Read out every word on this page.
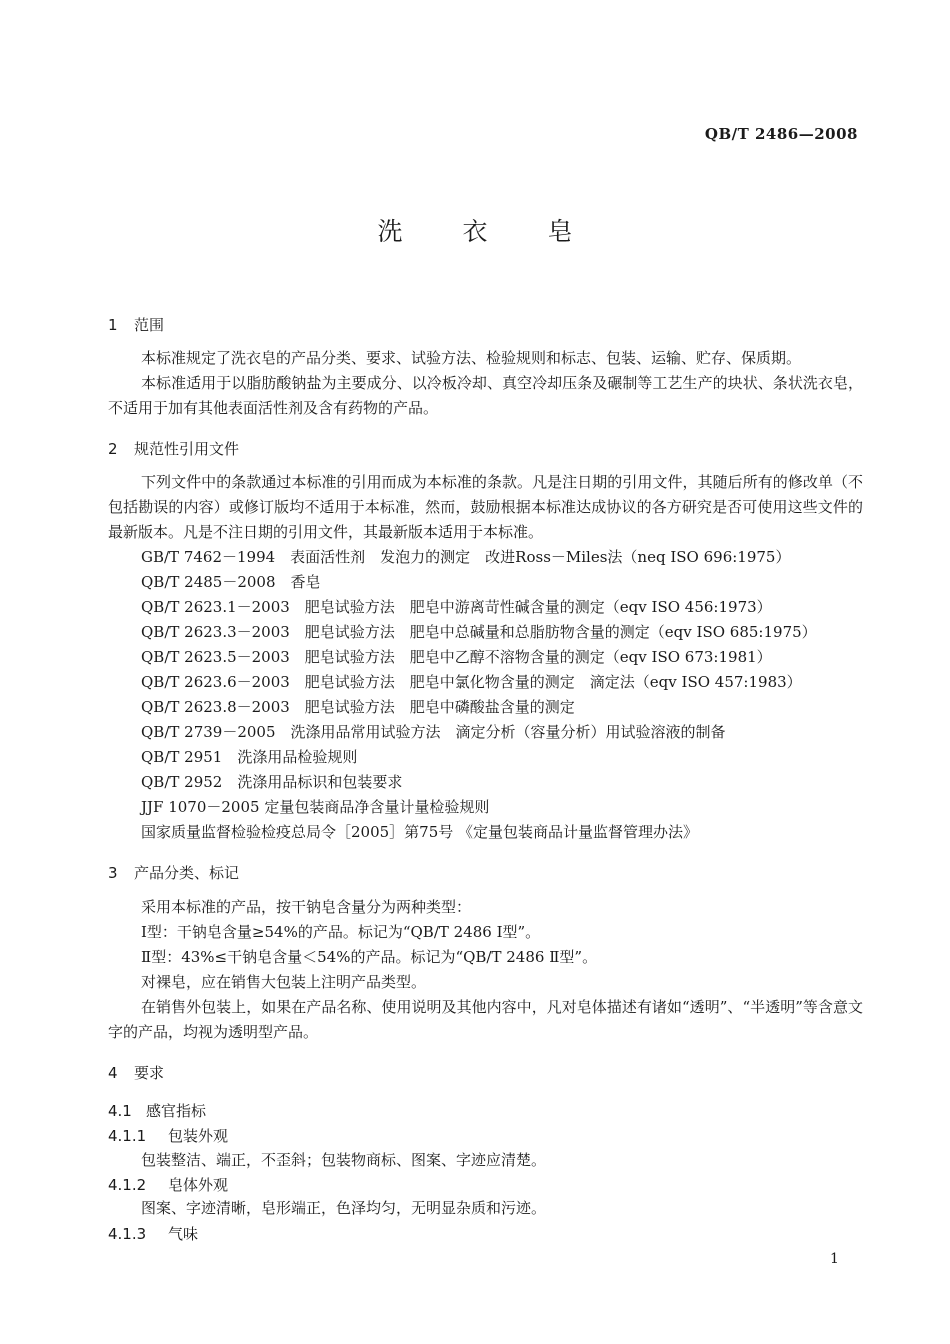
QB/T 2486—2008
洗 衣 皂
1 范围

本标准规定了洗衣皂的产品分类、要求、试验方法、检验规则和标志、包装、运输、贮存、保质期。

本标准适用于以脂肪酸钠盐为主要成分、以冷板冷却、真空冷却压条及碾制等工艺生产的块状、条状洗衣皂，不适用于加有其他表面活性剂及含有药物的产品。

2 规范性引用文件

下列文件中的条款通过本标准的引用而成为本标准的条款。凡是注日期的引用文件，其随后所有的修改单（不包括勘误的内容）或修订版均不适用于本标准，然而，鼓励根据本标准达成协议的各方研究是否可使用这些文件的最新版本。凡是不注日期的引用文件，其最新版本适用于本标准。

GB/T 7462－1994　表面活性剂　发泡力的测定　改进Ross－Miles法（neq ISO 696:1975）
QB/T 2485－2008　香皂
QB/T 2623.1－2003　肥皂试验方法　肥皂中游离苛性碱含量的测定（eqv ISO 456:1973）
QB/T 2623.3－2003　肥皂试验方法　肥皂中总碱量和总脂肪物含量的测定（eqv ISO 685:1975）
QB/T 2623.5－2003　肥皂试验方法　肥皂中乙醇不溶物含量的测定（eqv ISO 673:1981）
QB/T 2623.6－2003　肥皂试验方法　肥皂中氯化物含量的测定　滴定法（eqv ISO 457:1983）
QB/T 2623.8－2003　肥皂试验方法　肥皂中磷酸盐含量的测定
QB/T 2739－2005　洗涤用品常用试验方法　滴定分析（容量分析）用试验溶液的制备
QB/T 2951　洗涤用品检验规则
QB/T 2952　洗涤用品标识和包装要求
JJF 1070－2005 定量包装商品净含量计量检验规则
国家质量监督检验检疫总局令［2005］第75号 《定量包装商品计量监督管理办法》
3 产品分类、标记
采用本标准的产品，按干钠皂含量分为两种类型：
Ⅰ型：干钠皂含量≥54%的产品。标记为“QB/T 2486 Ⅰ型”。
Ⅱ型：43%≤干钠皂含量＜54%的产品。标记为“QB/T 2486 Ⅱ型”。
对裸皂，应在销售大包装上注明产品类型。

在销售外包装上，如果在产品名称、使用说明及其他内容中，凡对皂体描述有诸如“透明”、“半透明”等含意文字的产品，均视为透明型产品。

4 要求
4.1 感官指标
4.1.1 包装外观
包装整洁、端正，不歪斜；包装物商标、图案、字迹应清楚。
4.1.2 皂体外观
图案、字迹清晰，皂形端正，色泽均匀，无明显杂质和污迹。
4.1.3 气味
1
